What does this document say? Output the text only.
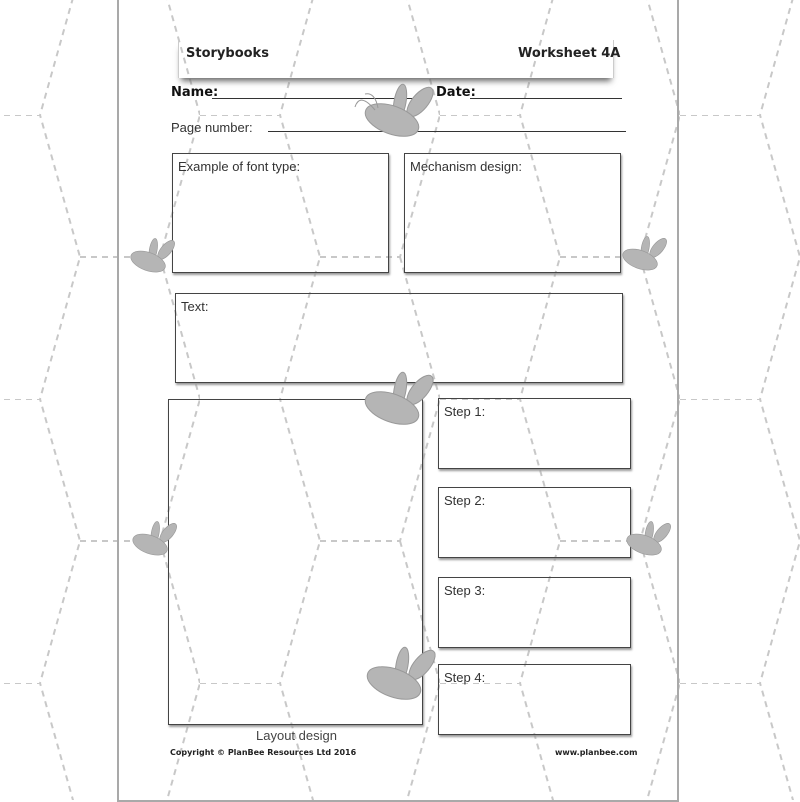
Storybooks	Worksheet 4A
Name:	Date:
Page number:
Example of font type:	Mechanism design:
Text:
Layout design
Step 1:
Step 2:
Step 3:
Step 4:
Copyright © PlanBee Resources Ltd 2016	www.planbee.com
